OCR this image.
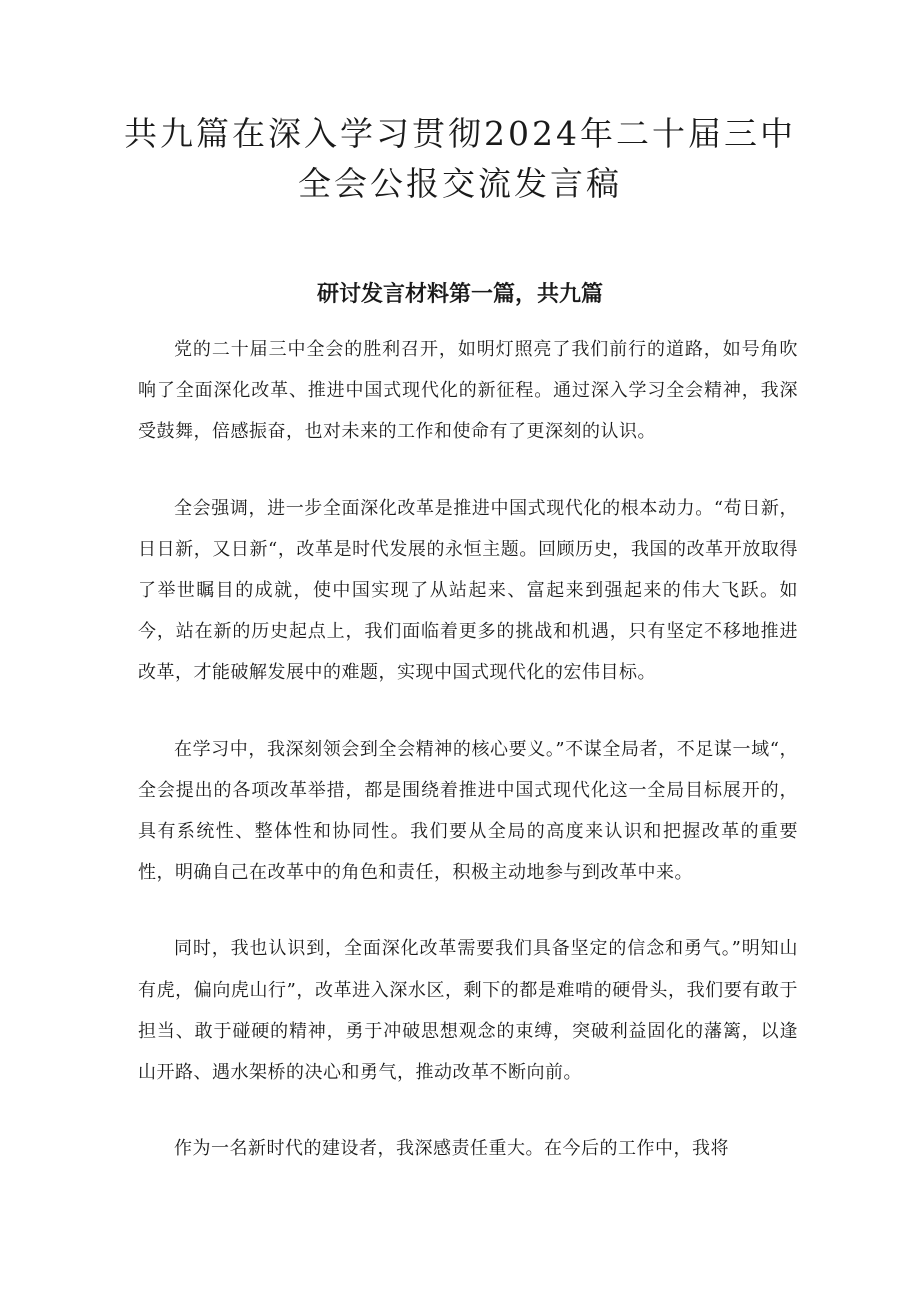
共九篇在深入学习贯彻2024年二十届三中
全会公报交流发言稿
研讨发言材料第一篇，共九篇

党的二十届三中全会的胜利召开，如明灯照亮了我们前行的道路，如号角吹响了全面深化改革、推进中国式现代化的新征程。通过深入学习全会精神，我深受鼓舞，倍感振奋，也对未来的工作和使命有了更深刻的认识。

全会强调，进一步全面深化改革是推进中国式现代化的根本动力。“苟日新，日日新，又日新“，改革是时代发展的永恒主题。回顾历史，我国的改革开放取得了举世瞩目的成就，使中国实现了从站起来、富起来到强起来的伟大飞跃。如今，站在新的历史起点上，我们面临着更多的挑战和机遇，只有坚定不移地推进改革，才能破解发展中的难题，实现中国式现代化的宏伟目标。

在学习中，我深刻领会到全会精神的核心要义。”不谋全局者，不足谋一域“，全会提出的各项改革举措，都是围绕着推进中国式现代化这一全局目标展开的，具有系统性、整体性和协同性。我们要从全局的高度来认识和把握改革的重要性，明确自己在改革中的角色和责任，积极主动地参与到改革中来。

同时，我也认识到，全面深化改革需要我们具备坚定的信念和勇气。”明知山有虎，偏向虎山行”，改革进入深水区，剩下的都是难啃的硬骨头，我们要有敢于担当、敢于碰硬的精神，勇于冲破思想观念的束缚，突破利益固化的藩篱，以逢山开路、遇水架桥的决心和勇气，推动改革不断向前。

作为一名新时代的建设者，我深感责任重大。在今后的工作中，我将
